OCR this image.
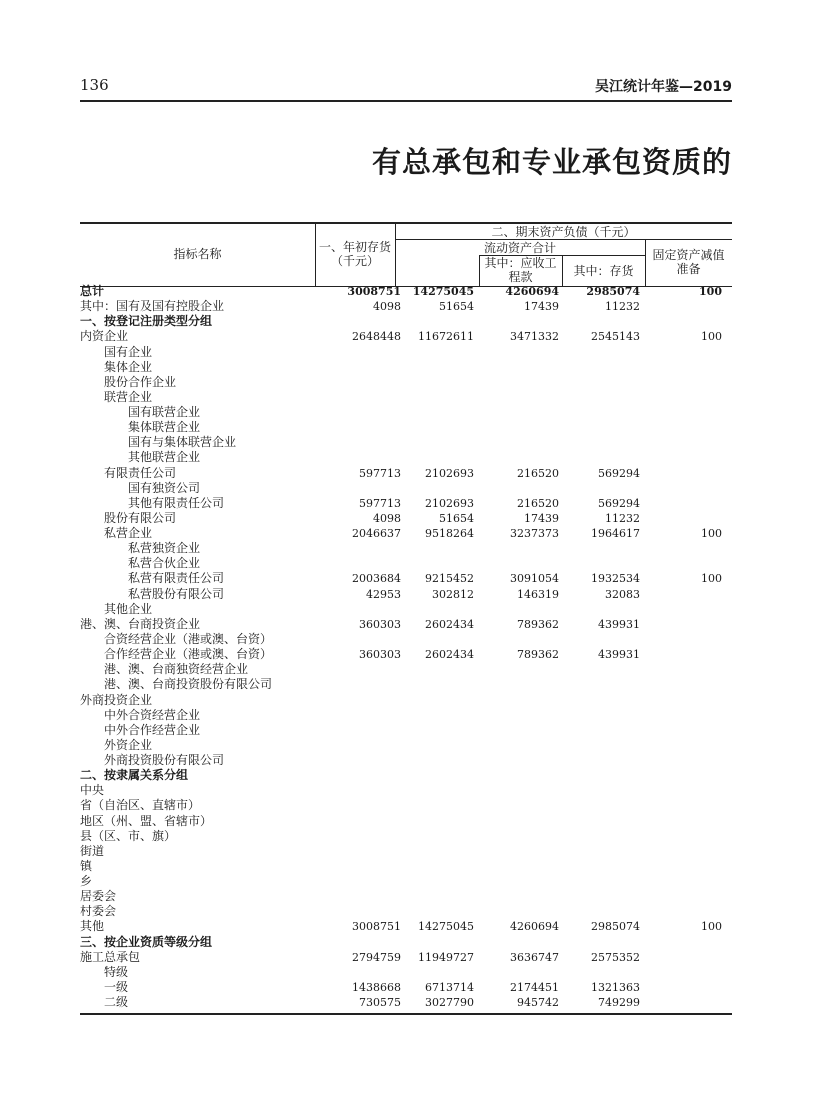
136	吴江统计年鉴—2019
有总承包和专业承包资质的
指标名称	一、年初存货
（千元）
二、期末资产负债（千元）
流动资产合计
其中：应收工
程款	其中：存货
固定资产减值
准备
总计	3008751 14275045	4260694 2985074	100
其中：国有及国有控股企业	4098	51654	17439	11232
一、按登记注册类型分组
内资企业	2648448 11672611	3471332	2545143	100
国有企业
集体企业
股份合作企业
联营企业
国有联营企业
集体联营企业
国有与集体联营企业
其他联营企业
有限责任公司	597713 2102693	216520	569294
国有独资公司
其他有限责任公司	597713 2102693	216520	569294
股份有限公司	4098	51654	17439	11232
私营企业	2046637 9518264	3237373	1964617	100
私营独资企业
私营合伙企业
私营有限责任公司	2003684 9215452	3091054	1932534	100
私营股份有限公司	42953	302812	146319	32083
其他企业
港、澳、台商投资企业	360303 2602434	789362	439931
合资经营企业（港或澳、台资）
合作经营企业（港或澳、台资）	360303 2602434	789362	439931
港、澳、台商独资经营企业
港、澳、台商投资股份有限公司
外商投资企业
中外合资经营企业
中外合作经营企业
外资企业
外商投资股份有限公司
二、按隶属关系分组
中央
省（自治区、直辖市）
地区（州、盟、省辖市）
县（区、市、旗）
街道
镇
乡
居委会
村委会
其他	3008751 14275045	4260694	2985074	100
三、按企业资质等级分组
施工总承包	2794759 11949727	3636747	2575352
特级
一级	1438668 6713714	2174451	1321363
二级	730575 3027790	945742	749299
